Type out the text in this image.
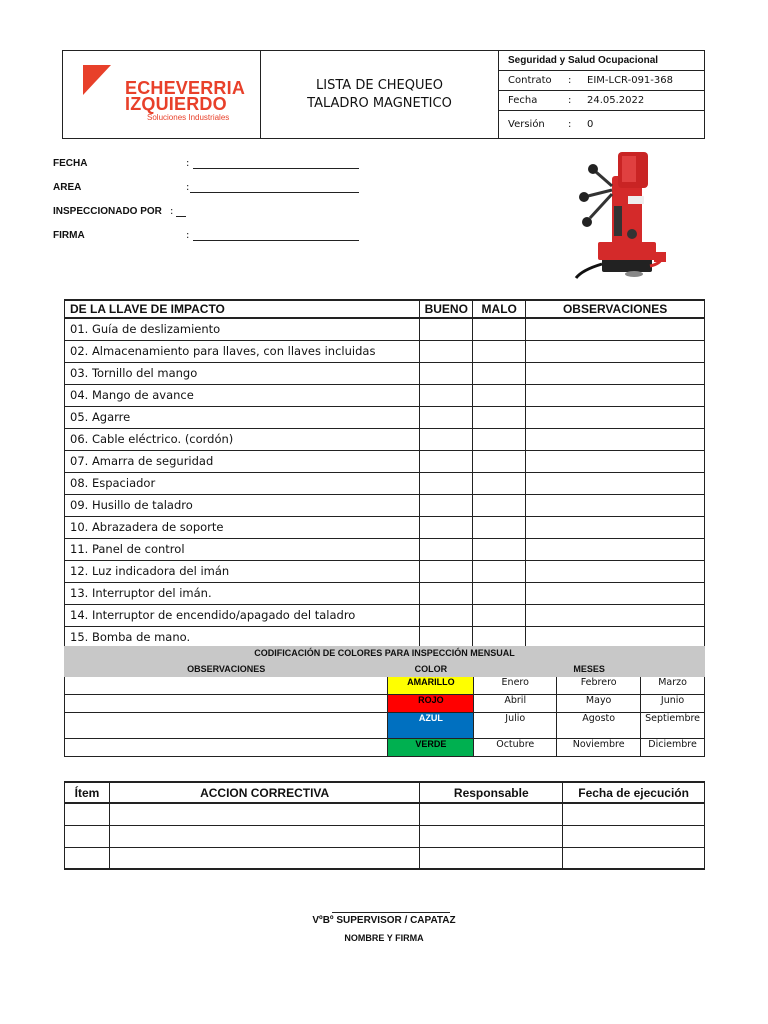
ECHEVERRIA
IZQUIERDO
Soluciones Industriales
LISTA DE CHEQUEO
TALADRO MAGNETICO
Seguridad y Salud Ocupacional
Contrato : EIM-LCR-091-368
Fecha	: 24.05.2022
Versión : 0
FECHA	:
AREA	:
INSPECCIONADO POR :
FIRMA	:
DE LA LLAVE DE IMPACTO	BUENO	MALO	OBSERVACIONES
01. Guía de deslizamiento			
02. Almacenamiento para llaves, con llaves incluidas			
03. Tornillo del mango			
04. Mango de avance			
05. Agarre			
06. Cable eléctrico. (cordón)			
07. Amarra de seguridad			
08. Espaciador			
09. Husillo de taladro			
10. Abrazadera de soporte			
11. Panel de control			
12. Luz indicadora del imán			
13. Interruptor del imán.			
14. Interruptor de encendido/apagado del taladro			
15. Bomba de mano.			
CODIFICACIÓN DE COLORES PARA INSPECCIÓN MENSUAL
OBSERVACIONES	COLOR	MESES		
	AMARILLO	Enero	Febrero	Marzo
	ROJO	Abril	Mayo	Junio
	AZUL	Julio	Agosto	Septiembre
	VERDE	Octubre	Noviembre	Diciembre
Ítem	ACCION CORRECTIVA	Responsable	Fecha de ejecución

VºBº SUPERVISOR / CAPATAZ
NOMBRE Y FIRMA
